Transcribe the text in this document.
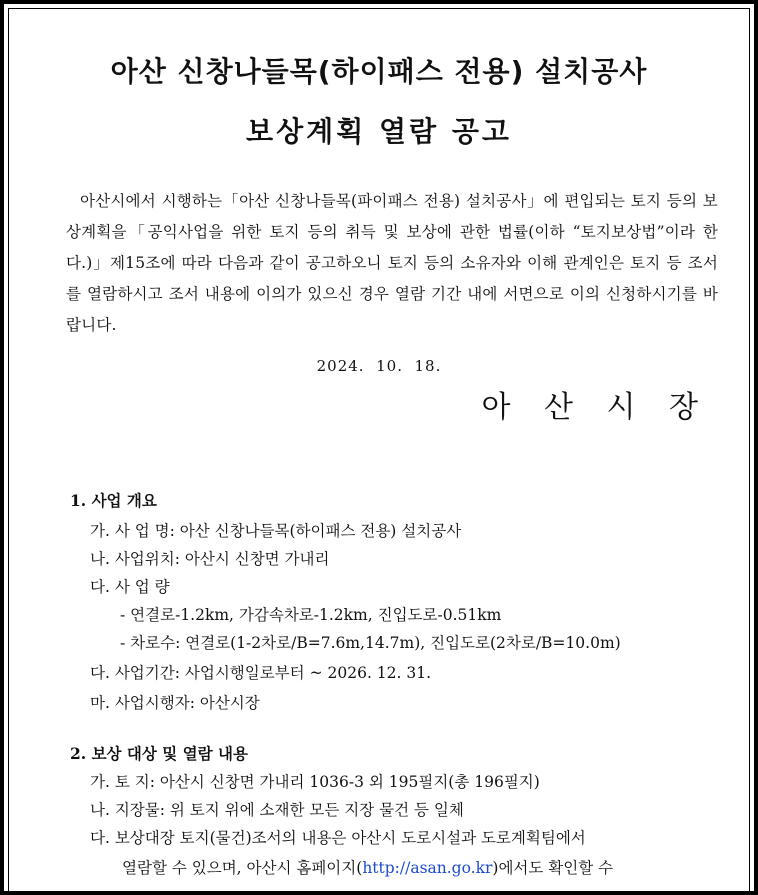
아산 신창나들목(하이패스 전용) 설치공사
보상계획 열람 공고
아산시에서 시행하는「아산 신창나들목(파이패스 전용) 설치공사」에 편입되는 토지 등의 보상계획을「공익사업을 위한 토지 등의 취득 및 보상에 관한 법률(이하 “토지보상법”이라 한다.)」제15조에 따라 다음과 같이 공고하오니 토지 등의 소유자와 이해 관계인은 토지 등 조서를 열람하시고 조서 내용에 이의가 있으신 경우 열람 기간 내에 서면으로 이의 신청하시기를 바랍니다.
2024.  10.  18.
아 산 시 장
1. 사업 개요
가. 사 업 명: 아산 신창나들목(하이패스 전용) 설치공사
나. 사업위치: 아산시 신창면 가내리
다. 사 업 량
- 연결로-1.2km, 가감속차로-1.2km, 진입도로-0.51km
- 차로수: 연결로(1-2차로/B=7.6m,14.7m), 진입도로(2차로/B=10.0m)
다. 사업기간: 사업시행일로부터 ~ 2026. 12. 31.
마. 사업시행자: 아산시장
2. 보상 대상 및 열람 내용
가. 토 지: 아산시 신창면 가내리 1036-3 외 195필지(총 196필지)
나. 지장물: 위 토지 위에 소재한 모든 지장 물건 등 일체
다. 보상대장 토지(물건)조서의 내용은 아산시 도로시설과 도로계획팀에서
열람할 수 있으며, 아산시 홈페이지(http://asan.go.kr)에서도 확인할 수
